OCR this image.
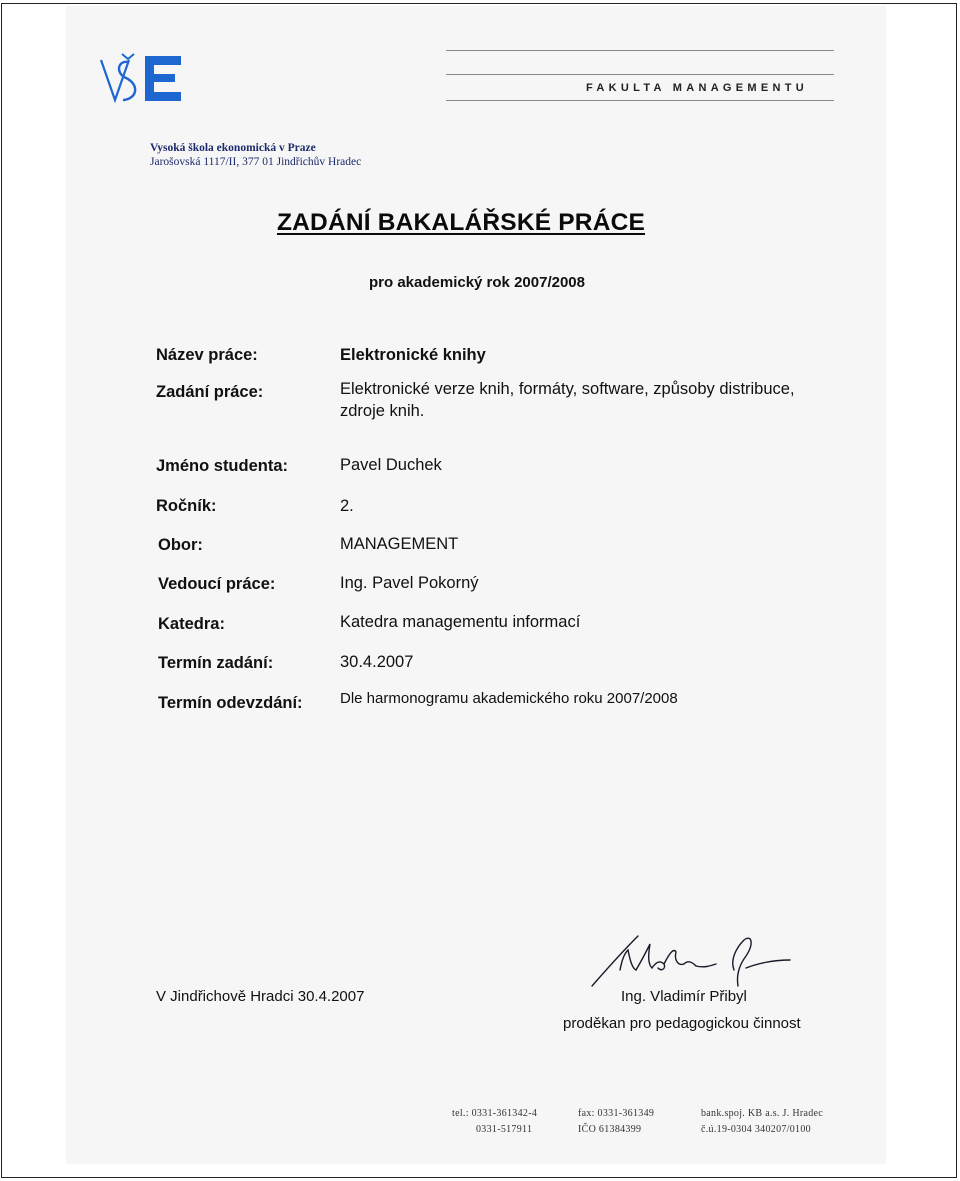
FAKULTA MANAGEMENTU
Vysoká škola ekonomická v Praze
Jarošovská 1117/II, 377 01 Jindřichův Hradec
ZADÁNÍ BAKALÁŘSKÉ PRÁCE
pro akademický rok 2007/2008
Název práce:	Elektronické knihy
Zadání práce:	Elektronické verze knih, formáty, software, způsoby distribuce,
zdroje knih.
Jméno studenta:	Pavel Duchek
Ročník:	2.
Obor:	MANAGEMENT
Vedoucí práce:	Ing. Pavel Pokorný
Katedra:	Katedra managementu informací
Termín zadání:	30.4.2007
Termín odevzdání: Dle harmonogramu akademického roku 2007/2008
V Jindřichově Hradci 30.4.2007	Ing. Vladimír Přibyl
proděkan pro pedagogickou činnost
tel.: 0331-361342-4
0331-517911
fax: 0331-361349
IČO 61384399
bank.spoj. KB a.s. J. Hradec
č.ú.19-0304 340207/0100
